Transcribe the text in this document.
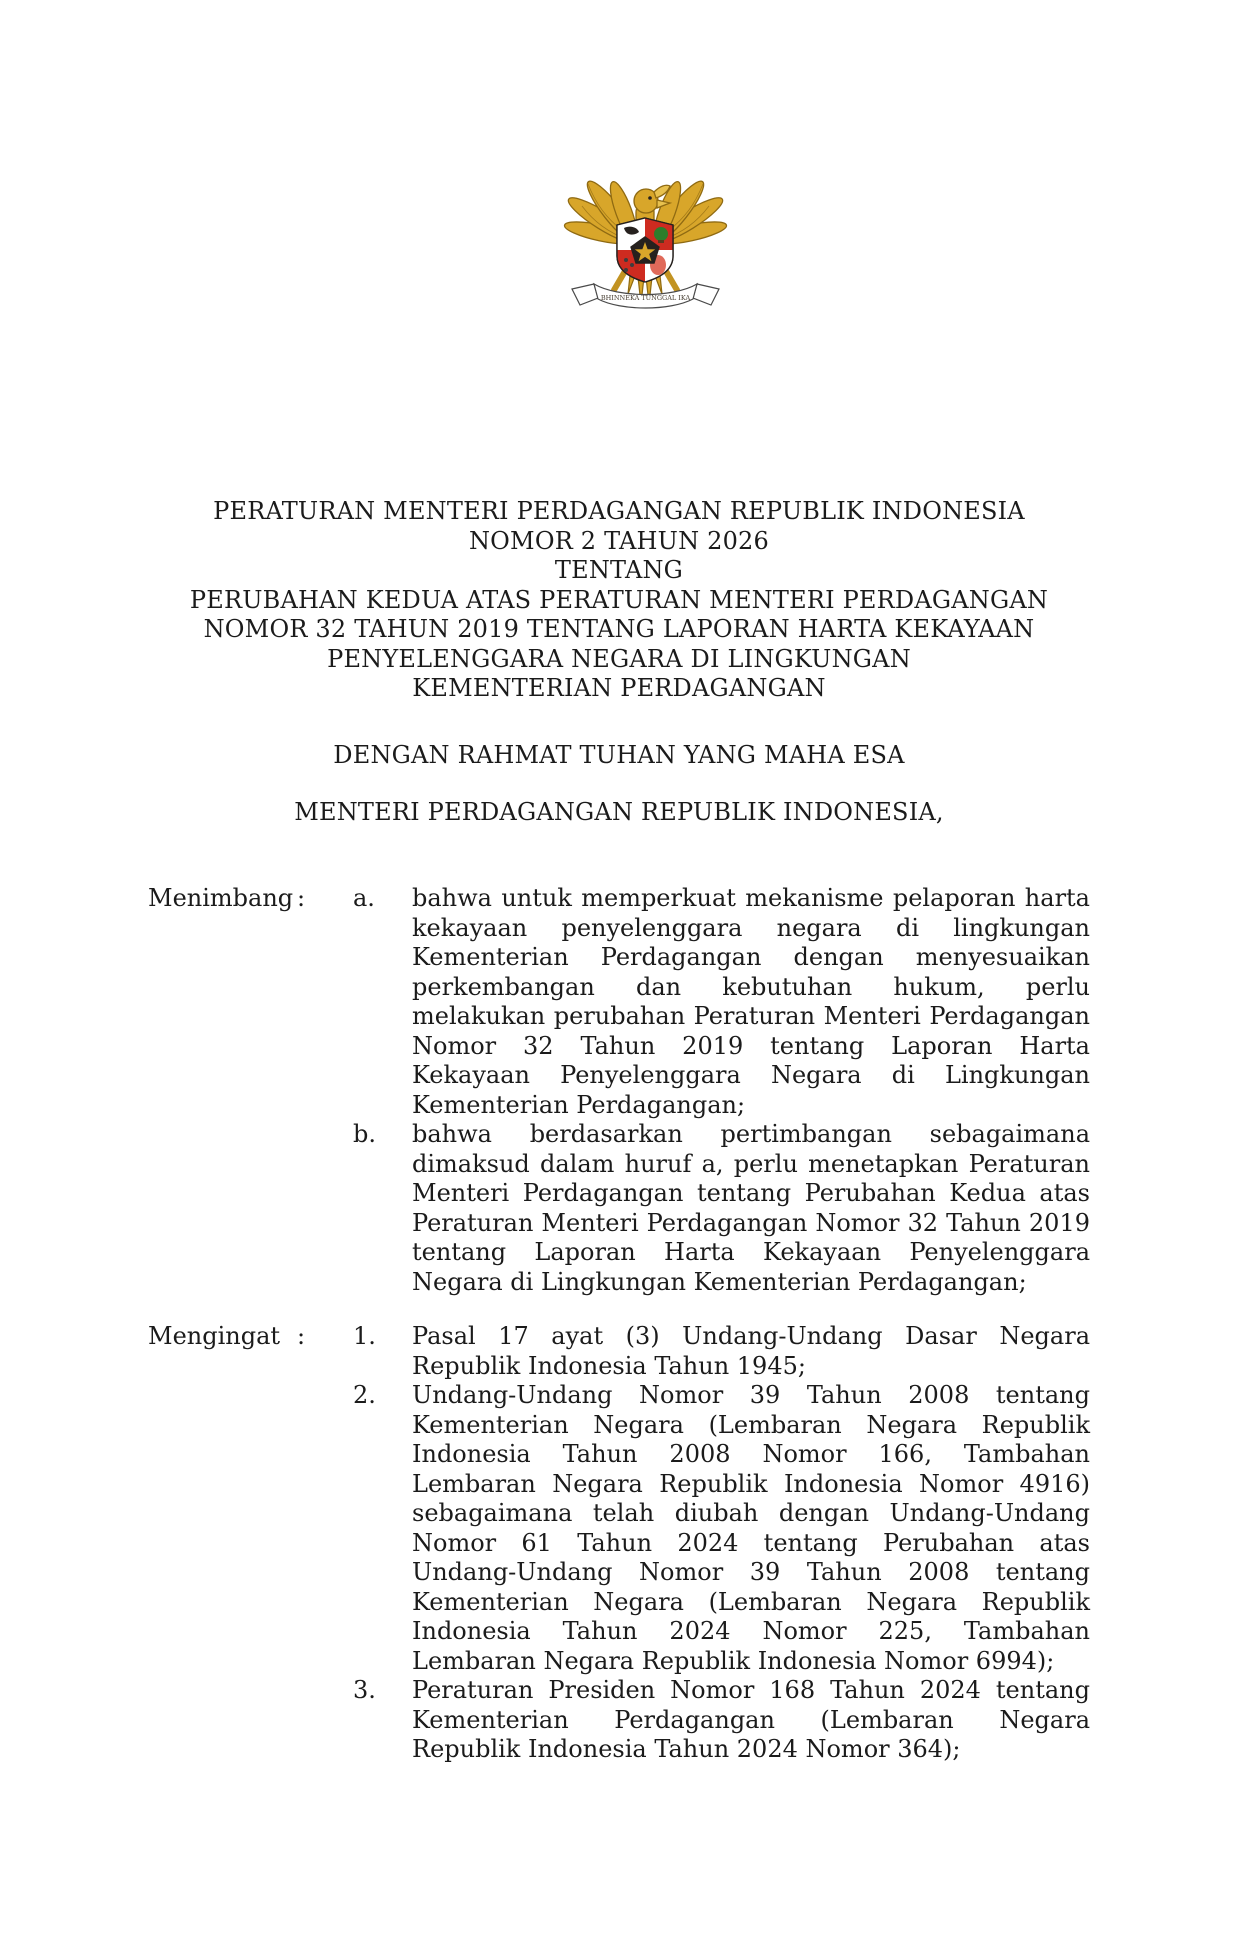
BHINNEKA TUNGGAL IKA
PERATURAN MENTERI PERDAGANGAN REPUBLIK INDONESIA
NOMOR 2 TAHUN 2026
TENTANG
PERUBAHAN KEDUA ATAS PERATURAN MENTERI PERDAGANGAN
NOMOR 32 TAHUN 2019 TENTANG LAPORAN HARTA KEKAYAAN
PENYELENGGARA NEGARA DI LINGKUNGAN
KEMENTERIAN PERDAGANGAN
DENGAN RAHMAT TUHAN YANG MAHA ESA
MENTERI PERDAGANGAN REPUBLIK INDONESIA,
Menimbang : a. bahwa untuk memperkuat mekanisme pelaporan harta kekayaan penyelenggara negara di lingkungan Kementerian Perdagangan dengan menyesuaikan perkembangan dan kebutuhan hukum, perlu melakukan perubahan Peraturan Menteri Perdagangan Nomor 32 Tahun 2019 tentang Laporan Harta Kekayaan Penyelenggara Negara di Lingkungan Kementerian Perdagangan;
b. bahwa berdasarkan pertimbangan sebagaimana dimaksud dalam huruf a, perlu menetapkan Peraturan Menteri Perdagangan tentang Perubahan Kedua atas Peraturan Menteri Perdagangan Nomor 32 Tahun 2019 tentang Laporan Harta Kekayaan Penyelenggara Negara di Lingkungan Kementerian Perdagangan;
Mengingat : 1. Pasal 17 ayat (3) Undang-Undang Dasar Negara Republik Indonesia Tahun 1945;
2. Undang-Undang Nomor 39 Tahun 2008 tentang Kementerian Negara (Lembaran Negara Republik Indonesia Tahun 2008 Nomor 166, Tambahan Lembaran Negara Republik Indonesia Nomor 4916) sebagaimana telah diubah dengan Undang-Undang Nomor 61 Tahun 2024 tentang Perubahan atas Undang-Undang Nomor 39 Tahun 2008 tentang Kementerian Negara (Lembaran Negara Republik Indonesia Tahun 2024 Nomor 225, Tambahan Lembaran Negara Republik Indonesia Nomor 6994);
3. Peraturan Presiden Nomor 168 Tahun 2024 tentang Kementerian Perdagangan (Lembaran Negara Republik Indonesia Tahun 2024 Nomor 364);
